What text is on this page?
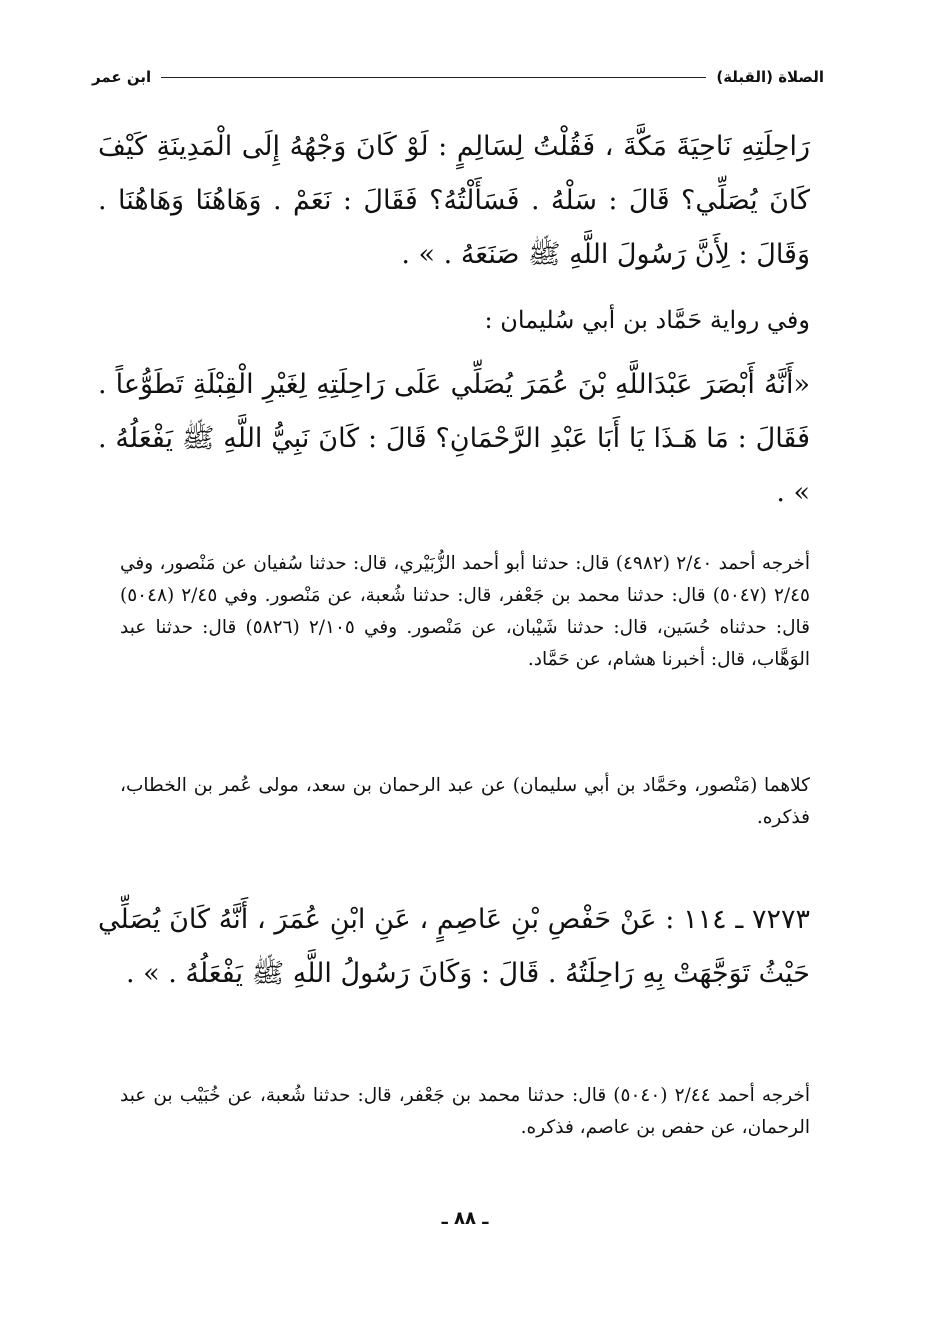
الصلاة (القبلة)
ابن عمر
رَاحِلَتِهِ نَاحِيَةَ مَكَّةَ ، فَقُلْتُ لِسَالِمٍ : لَوْ كَانَ وَجْهُهُ إِلَى الْمَدِينَةِ كَيْفَ كَانَ يُصَلِّي؟ قَالَ : سَلْهُ . فَسَأَلْتُهُ؟ فَقَالَ : نَعَمْ . وَهَاهُنَا وَهَاهُنَا . وَقَالَ : لِأَنَّ رَسُولَ اللَّهِ ﷺ صَنَعَهُ . » .
وفي رواية حَمَّاد بن أبي سُليمان :
«أَنَّهُ أَبْصَرَ عَبْدَاللَّهِ بْنَ عُمَرَ يُصَلِّي عَلَى رَاحِلَتِهِ لِغَيْرِ الْقِبْلَةِ تَطَوُّعاً . فَقَالَ : مَا هَـذَا يَا أَبَا عَبْدِ الرَّحْمَانِ؟ قَالَ : كَانَ نَبِيُّ اللَّهِ ﷺ يَفْعَلُهُ . » .
أخرجه أحمد ٢/٤٠ (٤٩٨٢) قال: حدثنا أبو أحمد الزُّبَيْري، قال: حدثنا سُفيان عن مَنْصور، وفي ٢/٤٥ (٥٠٤٧) قال: حدثنا محمد بن جَعْفر، قال: حدثنا شُعبة، عن مَنْصور. وفي ٢/٤٥ (٥٠٤٨) قال: حدثناه حُسَين، قال: حدثنا شَيْبان، عن مَنْصور. وفي ٢/١٠٥ (٥٨٢٦) قال: حدثنا عبد الوَهَّاب، قال: أخبرنا هشام، عن حَمَّاد.
كلاهما (مَنْصور، وحَمَّاد بن أبي سليمان) عن عبد الرحمان بن سعد، مولى عُمر بن الخطاب، فذكره.
٧٢٧٣ ـ ١١٤ : عَنْ حَفْصِ بْنِ عَاصِمٍ ، عَنِ ابْنِ عُمَرَ ، أَنَّهُ كَانَ يُصَلِّي حَيْثُ تَوَجَّهَتْ بِهِ رَاحِلَتُهُ . قَالَ : وَكَانَ رَسُولُ اللَّهِ ﷺ يَفْعَلُهُ . » .
أخرجه أحمد ٢/٤٤ (٥٠٤٠) قال: حدثنا محمد بن جَعْفر، قال: حدثنا شُعبة، عن خُبَيْب بن عبد الرحمان، عن حفص بن عاصم، فذكره.
ـ ٨٨ ـ
